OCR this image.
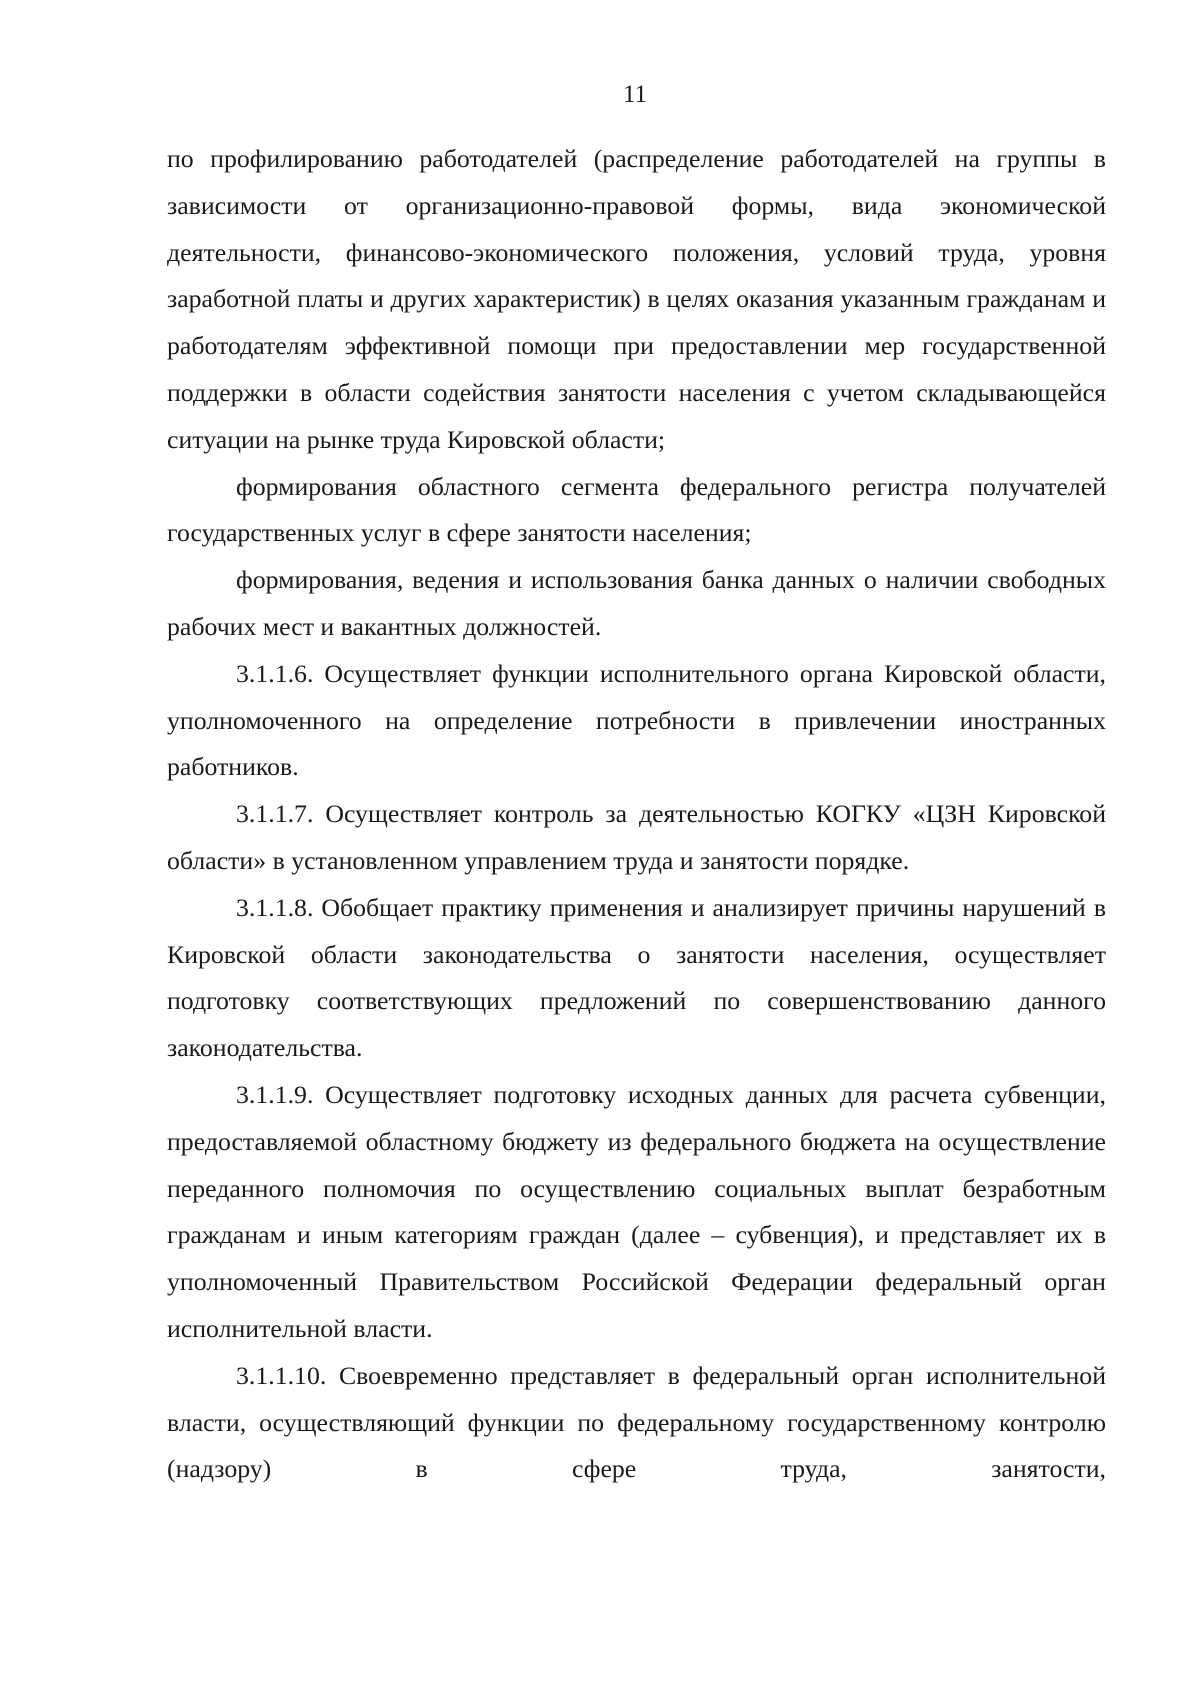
11

по профилированию работодателей (распределение работодателей на группы в зависимости от организационно-правовой формы, вида экономической деятельности, финансово-экономического положения, условий труда, уровня заработной платы и других характеристик) в целях оказания указанным гражданам и работодателям эффективной помощи при предоставлении мер государственной поддержки в области содействия занятости населения с учетом складывающейся ситуации на рынке труда Кировской области;

формирования областного сегмента федерального регистра получателей государственных услуг в сфере занятости населения;

формирования, ведения и использования банка данных о наличии свободных рабочих мест и вакантных должностей.

3.1.1.6. Осуществляет функции исполнительного органа Кировской области, уполномоченного на определение потребности в привлечении иностранных работников.

3.1.1.7. Осуществляет контроль за деятельностью КОГКУ «ЦЗН Кировской области» в установленном управлением труда и занятости порядке.

3.1.1.8. Обобщает практику применения и анализирует причины нарушений в Кировской области законодательства о занятости населения, осуществляет подготовку соответствующих предложений по совершенствованию данного законодательства.

3.1.1.9. Осуществляет подготовку исходных данных для расчета субвенции, предоставляемой областному бюджету из федерального бюджета на осуществление переданного полномочия по осуществлению социальных выплат безработным гражданам и иным категориям граждан (далее – субвенция), и представляет их в уполномоченный Правительством Российской Федерации федеральный орган исполнительной власти.

3.1.1.10. Своевременно представляет в федеральный орган исполнительной власти, осуществляющий функции по федеральному государственному контролю (надзору) в сфере труда, занятости,
